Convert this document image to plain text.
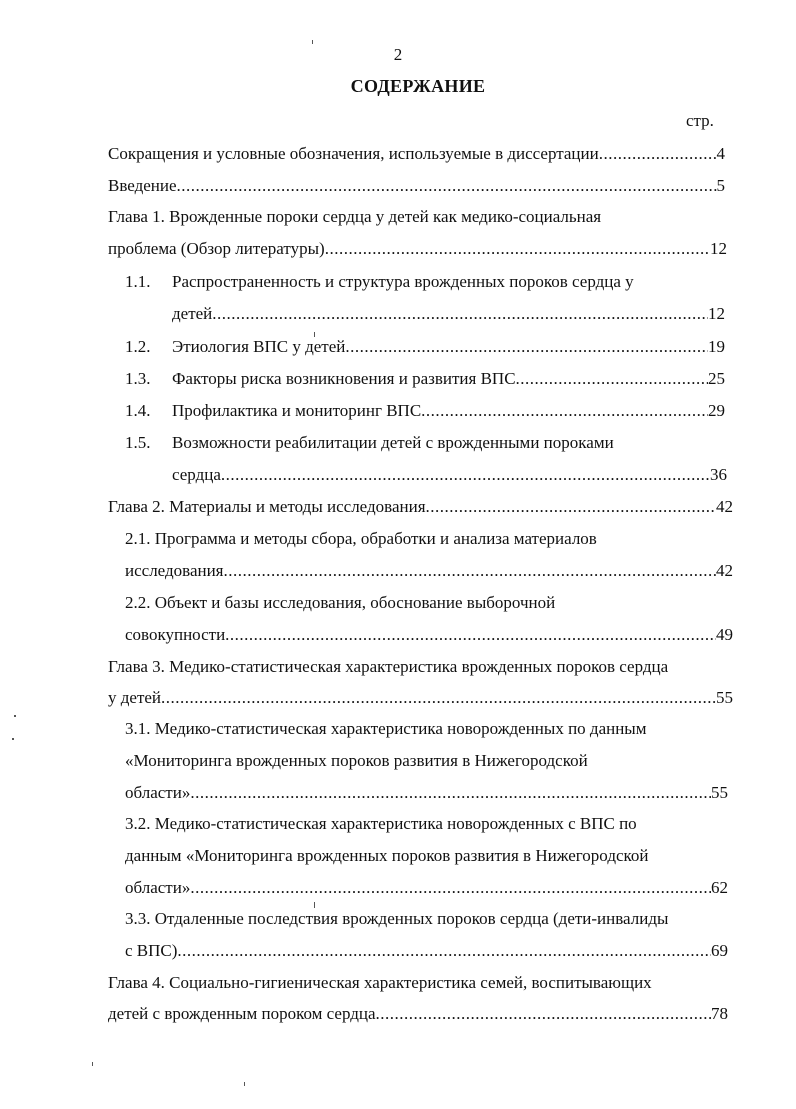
2
СОДЕРЖАНИЕ
стр.
Сокращения и условные обозначения, используемые в диссертации .....	4
Введение .....	5
Глава 1. Врожденные пороки сердца у детей как медико-социальная
проблема (Обзор литературы) .....	12
1.1. Распространенность и структура врожденных пороков сердца у
детей .....	12
1.2. Этиология ВПС у детей .....	19
1.3. Факторы риска возникновения и развития ВПС .....	25
1.4. Профилактика и мониторинг ВПС .....	29
1.5. Возможности реабилитации детей с врожденными пороками
сердца .....	36
Глава 2. Материалы и методы исследования .....	42
2.1. Программа и методы сбора, обработки и анализа материалов
исследования .....	42
2.2. Объект и базы исследования, обоснование выборочной
совокупности .....	49
Глава 3. Медико-статистическая характеристика врожденных пороков сердца
у детей .....	55
3.1. Медико-статистическая характеристика новорожденных по данным
«Мониторинга врожденных пороков развития в Нижегородской
области» .....	55
3.2. Медико-статистическая характеристика новорожденных с ВПС по
данным «Мониторинга врожденных пороков развития в Нижегородской
области» .....	62
3.3. Отдаленные последствия врожденных пороков сердца (дети-инвалиды
с ВПС) .....	69
Глава 4. Социально-гигиеническая характеристика семей, воспитывающих
детей с врожденным пороком сердца .....	78
